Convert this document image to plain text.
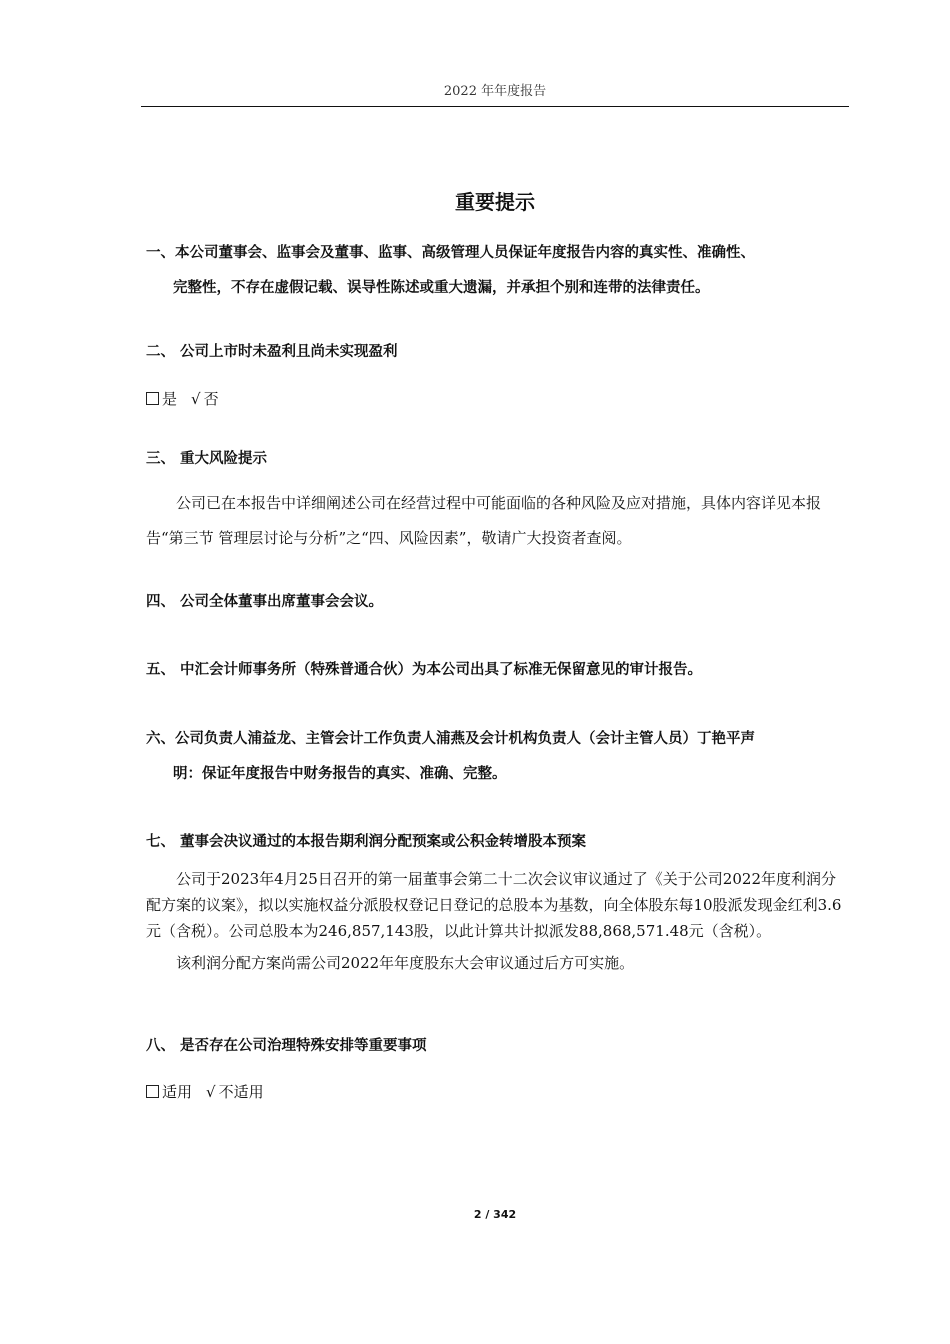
2022 年年度报告
重要提示
一、本公司董事会、监事会及董事、监事、高级管理人员保证年度报告内容的真实性、准确性、
完整性，不存在虚假记载、误导性陈述或重大遗漏，并承担个别和连带的法律责任。
二、 公司上市时未盈利且尚未实现盈利
是 √ 否
三、 重大风险提示

公司已在本报告中详细阐述公司在经营过程中可能面临的各种风险及应对措施，具体内容详见本报告“第三节 管理层讨论与分析”之“四、风险因素”，敬请广大投资者查阅。

四、 公司全体董事出席董事会会议。
五、 中汇会计师事务所（特殊普通合伙）为本公司出具了标准无保留意见的审计报告。
六、公司负责人浦益龙、主管会计工作负责人浦燕及会计机构负责人（会计主管人员）丁艳平声
明：保证年度报告中财务报告的真实、准确、完整。
七、 董事会决议通过的本报告期利润分配预案或公积金转增股本预案

公司于2023年4月25日召开的第一届董事会第二十二次会议审议通过了《关于公司2022年度利润分配方案的议案》，拟以实施权益分派股权登记日登记的总股本为基数，向全体股东每10股派发现金红利3.6元（含税）。公司总股本为246,857,143股，以此计算共计拟派发88,868,571.48元（含税）。

该利润分配方案尚需公司2022年年度股东大会审议通过后方可实施。

八、 是否存在公司治理特殊安排等重要事项
适用 √ 不适用
2 / 342
